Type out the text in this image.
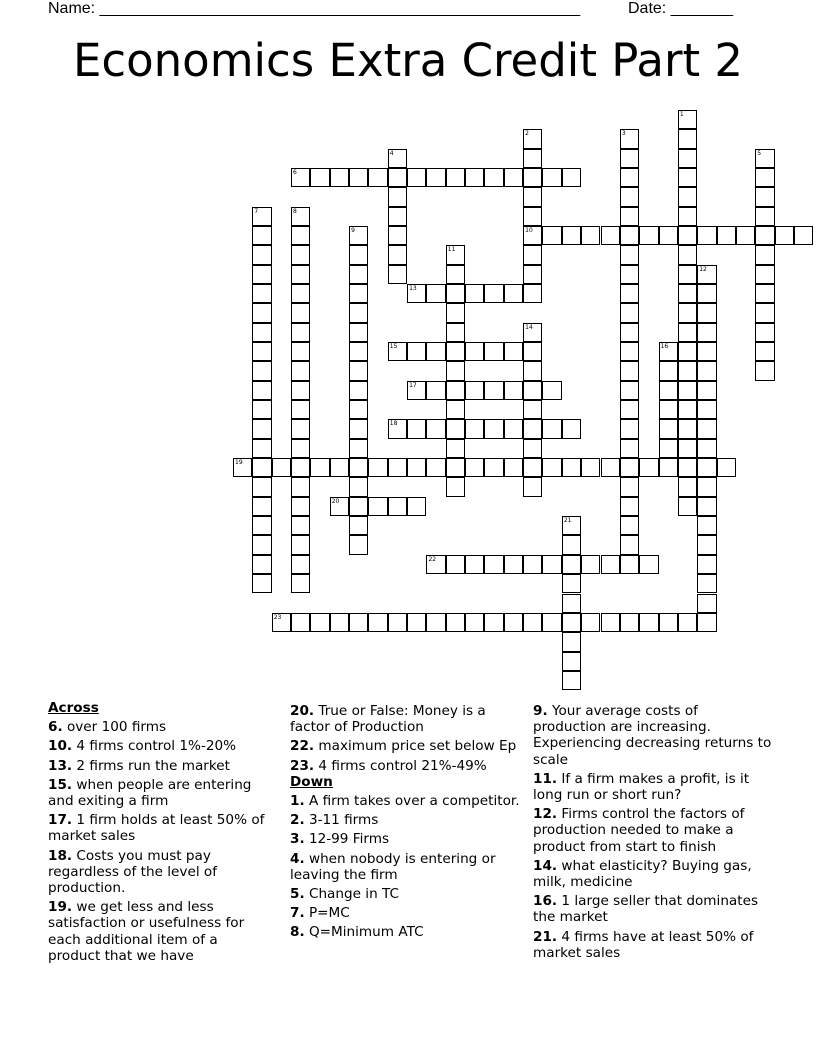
Name: ______________________________________________________	Date: _______
Economics Extra Credit Part 2
1
2	3
4	5
6
7	8
9	10
11
12
13
14
15	16
17
18
19
20
21
22
23
Across
6. over 100 firms
10. 4 firms control 1%-20%
13. 2 firms run the market
15. when people are entering and exiting a firm
17. 1 firm holds at least 50% of market sales
18. Costs you must pay regardless of the level of production.
19. we get less and less satisfaction or usefulness for each additional item of a product that we have
20. True or False: Money is a factor of Production
22. maximum price set below Ep
23. 4 firms control 21%-49%
Down
1. A firm takes over a competitor.
2. 3-11 firms
3. 12-99 Firms
4. when nobody is entering or leaving the firm
5. Change in TC
7. P=MC
8. Q=Minimum ATC
9. Your average costs of production are increasing. Experiencing decreasing returns to scale
11. If a firm makes a profit, is it long run or short run?
12. Firms control the factors of production needed to make a product from start to finish
14. what elasticity? Buying gas, milk, medicine
16. 1 large seller that dominates the market
21. 4 firms have at least 50% of market sales
